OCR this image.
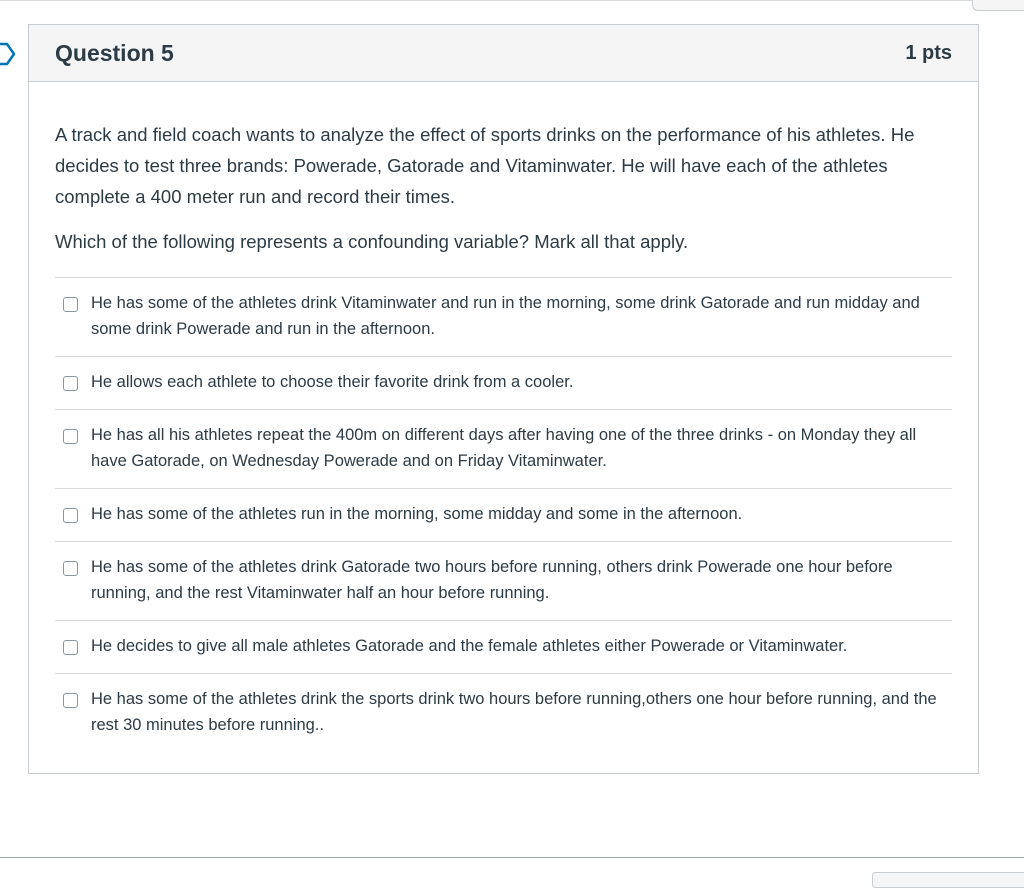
Question 5	1 pts

A track and field coach wants to analyze the effect of sports drinks on the performance of his athletes. He decides to test three brands: Powerade, Gatorade and Vitaminwater. He will have each of the athletes complete a 400 meter run and record their times.

Which of the following represents a confounding variable? Mark all that apply.

He has some of the athletes drink Vitaminwater and run in the morning, some drink Gatorade and run midday and some drink Powerade and run in the afternoon.
He allows each athlete to choose their favorite drink from a cooler.
He has all his athletes repeat the 400m on different days after having one of the three drinks - on Monday they all have Gatorade, on Wednesday Powerade and on Friday Vitaminwater.
He has some of the athletes run in the morning, some midday and some in the afternoon.
He has some of the athletes drink Gatorade two hours before running, others drink Powerade one hour before running, and the rest Vitaminwater half an hour before running.
He decides to give all male athletes Gatorade and the female athletes either Powerade or Vitaminwater.
He has some of the athletes drink the sports drink two hours before running,others one hour before running, and the rest 30 minutes before running..
